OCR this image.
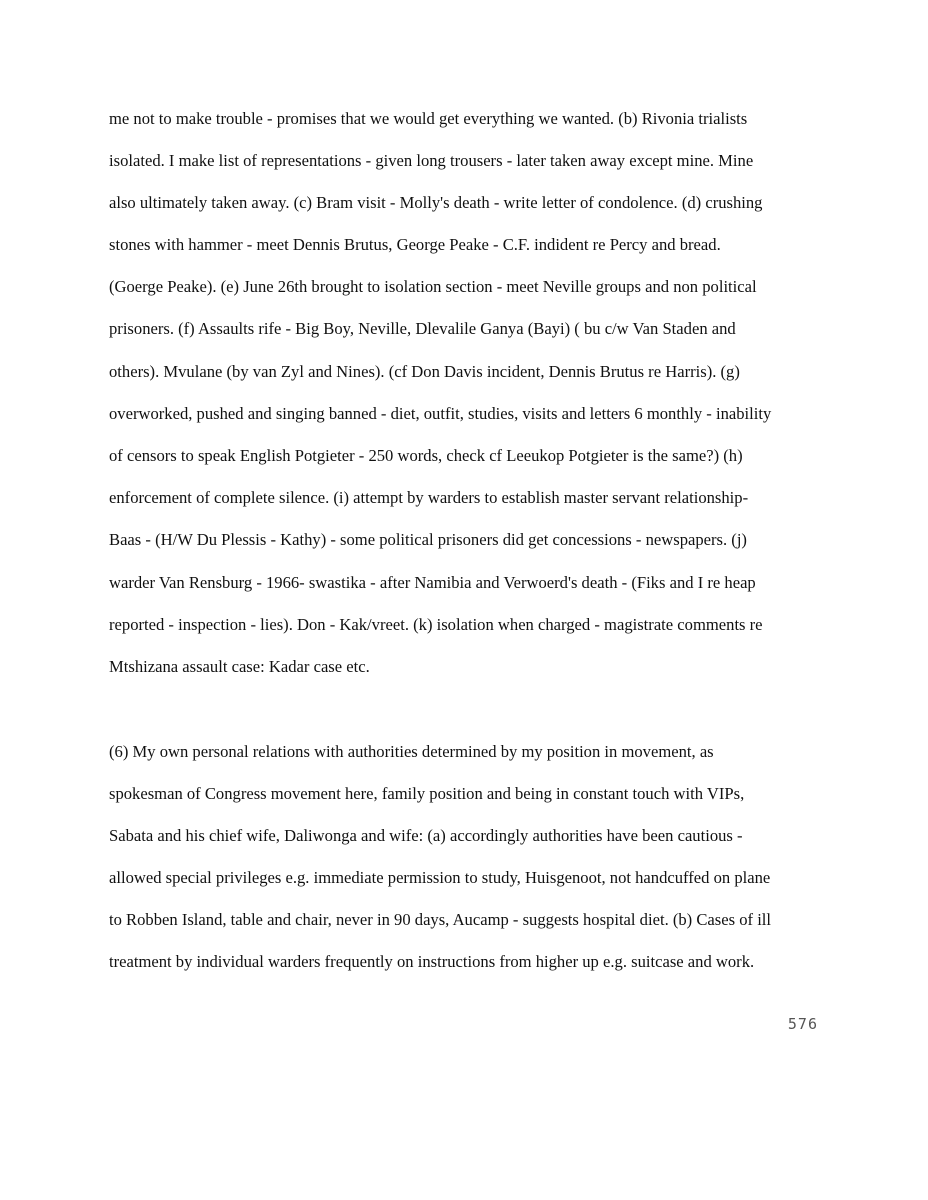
me not to make trouble - promises that we would get everything we wanted. (b) Rivonia trialists
isolated. I make list of representations - given long trousers - later taken away except mine. Mine
also ultimately taken away. (c) Bram visit - Molly's death - write letter of condolence. (d) crushing
stones with hammer - meet Dennis Brutus, George Peake - C.F. indident re Percy and bread.
(Goerge Peake). (e) June 26th brought to isolation section - meet Neville groups and non political
prisoners. (f) Assaults rife - Big Boy, Neville, Dlevalile Ganya (Bayi) ( bu c/w Van Staden and
others). Mvulane (by van Zyl and Nines). (cf Don Davis incident, Dennis Brutus re Harris). (g)
overworked, pushed and singing banned - diet, outfit, studies, visits and letters 6 monthly - inability
of censors to speak English Potgieter - 250 words, check cf Leeukop Potgieter is the same?) (h)
enforcement of complete silence. (i) attempt by warders to establish master servant relationship-
Baas - (H/W Du Plessis - Kathy) - some political prisoners did get concessions - newspapers. (j)
warder Van Rensburg - 1966- swastika - after Namibia and Verwoerd's death - (Fiks and I re heap
reported - inspection - lies). Don - Kak/vreet. (k) isolation when charged - magistrate comments re
Mtshizana assault case: Kadar case etc.
(6) My own personal relations with authorities determined by my position in movement, as
spokesman of Congress movement here, family position and being in constant touch with VIPs,
Sabata and his chief wife, Daliwonga and wife: (a) accordingly authorities have been cautious -
allowed special privileges e.g. immediate permission to study, Huisgenoot, not handcuffed on plane
to Robben Island, table and chair, never in 90 days, Aucamp - suggests hospital diet. (b) Cases of ill
treatment by individual warders frequently on instructions from higher up e.g. suitcase and work.
576
